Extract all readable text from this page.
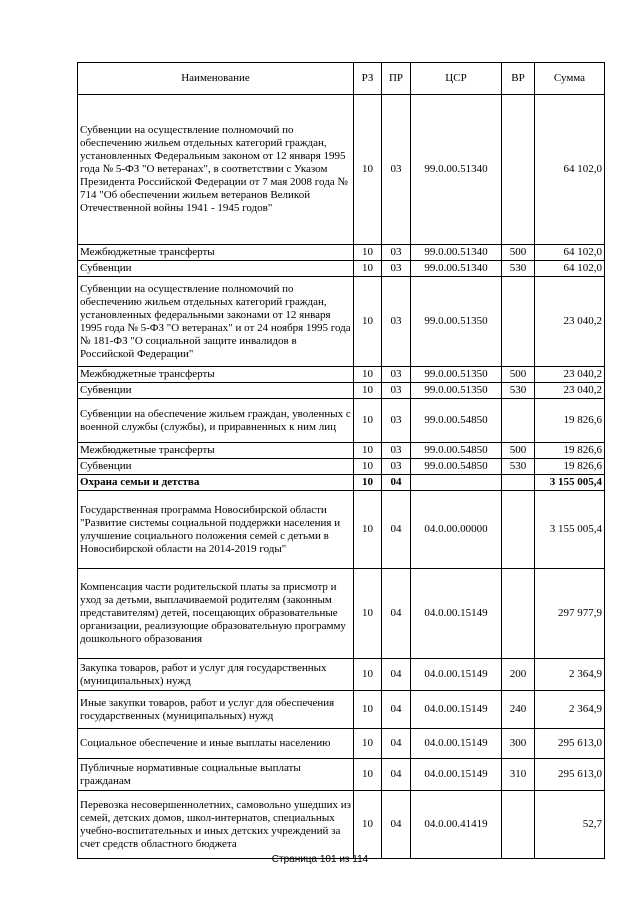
Наименование	РЗ	ПР	ЦСР	ВР	Сумма
Субвенции на осуществление полномочий по обеспечению жильем отдельных категорий граждан, установленных Федеральным законом от 12 января 1995 года № 5-ФЗ "О ветеранах", в соответствии с Указом Президента Российской Федерации от 7 мая 2008 года № 714 "Об обеспечении жильем ветеранов Великой Отечественной войны 1941 - 1945 годов"	10	03	99.0.00.51340		64 102,0
Межбюджетные трансферты	10	03	99.0.00.51340	500	64 102,0
Субвенции	10	03	99.0.00.51340	530	64 102,0
Субвенции на осуществление полномочий по обеспечению жильем отдельных категорий граждан, установленных федеральными законами от 12 января 1995 года № 5-ФЗ "О ветеранах" и от 24 ноября 1995 года № 181-ФЗ "О социальной защите инвалидов в Российской Федерации"	10	03	99.0.00.51350		23 040,2
Межбюджетные трансферты	10	03	99.0.00.51350	500	23 040,2
Субвенции	10	03	99.0.00.51350	530	23 040,2
Субвенции на обеспечение жильем граждан, уволенных с военной службы (службы), и приравненных к ним лиц	10	03	99.0.00.54850		19 826,6
Межбюджетные трансферты	10	03	99.0.00.54850	500	19 826,6
Субвенции	10	03	99.0.00.54850	530	19 826,6
Охрана семьи и детства	10	04			3 155 005,4
Государственная программа Новосибирской области "Развитие системы социальной поддержки населения и улучшение социального положения семей с детьми в Новосибирской области на 2014-2019 годы"	10	04	04.0.00.00000		3 155 005,4
Компенсация части родительской платы за присмотр и уход за детьми, выплачиваемой родителям (законным представителям) детей, посещающих образовательные организации, реализующие образовательную программу дошкольного образования	10	04	04.0.00.15149		297 977,9
Закупка товаров, работ и услуг для государственных (муниципальных) нужд	10	04	04.0.00.15149	200	2 364,9
Иные закупки товаров, работ и услуг для обеспечения государственных (муниципальных) нужд	10	04	04.0.00.15149	240	2 364,9
Социальное обеспечение и иные выплаты населению	10	04	04.0.00.15149	300	295 613,0
Публичные нормативные социальные выплаты гражданам	10	04	04.0.00.15149	310	295 613,0
Перевозка несовершеннолетних, самовольно ушедших из семей, детских домов, школ-интернатов, специальных учебно-воспитательных и иных детских учреждений за счет средств областного бюджета	10	04	04.0.00.41419		52,7
Страница 101 из 114
